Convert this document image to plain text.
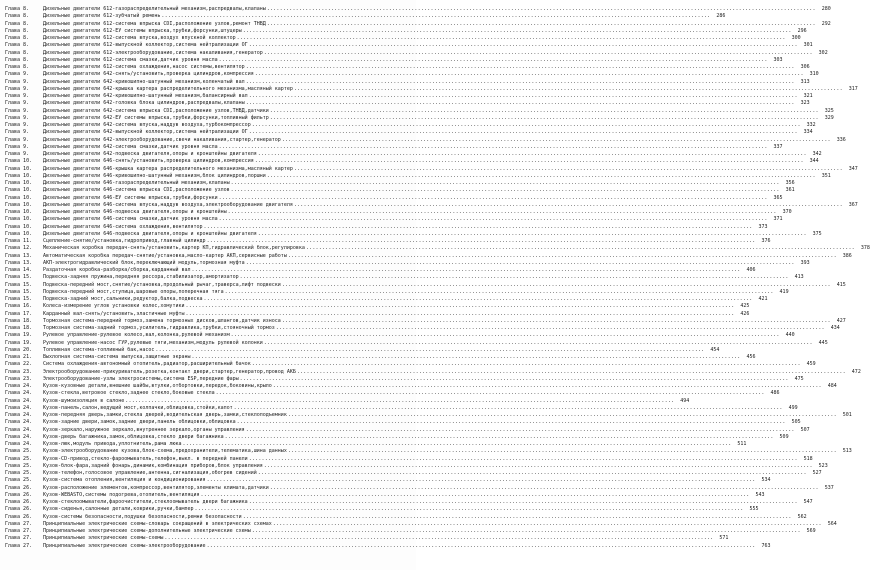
Глава 8.	Дизельные двигатели 612-газораспределительный механизм,распредвалы,клапаны .....	280
Глава 8.	Дизельные двигатели 612-зубчатый ремень .....	286
Глава 8.	Дизельные двигатели 612-система впрыска CDI,расположение узлов,ремонт ТНВД .....	292
Глава 8.	Дизельные двигатели 612-ЕУ системы впрыска,трубки,форсунки,штуцеры .....	296
Глава 8.	Дизельные двигатели 612-система впуска,воздух впускной коллектор .....	300
Глава 8.	Дизельные двигатели 612-выпускной коллектор,система нейтрализации ОГ .....	301
Глава 8.	Дизельные двигатели 612-электрооборудование,система накаливания,генератор .....	302
Глава 8.	Дизельные двигатели 612-система смазки,датчик уровня масла .....	303
Глава 8.	Дизельные двигатели 612-система охлаждения,насос системы,вентилятор .....	306
Глава 9.	Дизельные двигатели 642-снять/установить,проверка цилиндров,компрессия .....	310
Глава 9.	Дизельные двигатели 642-кривошипно-шатунный механизм,коленчатый вал .....	313
Глава 9.	Дизельные двигатели 642-крышка картера распределительного механизма,масляный картер .....	317
Глава 9.	Дизельные двигатели 642-кривошипно-шатунный механизм,балансирный вал .....	321
Глава 9.	Дизельные двигатели 642-головка блока цилиндров,распредвалы,клапаны .....	323
Глава 9.	Дизельные двигатели 642-система впрыска CDI,расположение узлов,ТНВД,датчики .....	325
Глава 9.	Дизельные двигатели 642-ЕУ системы впрыска,трубки,форсунки,топливный фильтр .....	329
Глава 9.	Дизельные двигатели 642-система впуска,наддув воздуха,турбокомпрессор .....	332
Глава 9.	Дизельные двигатели 642-выпускной коллектор,система нейтрализации ОГ .....	334
Глава 9.	Дизельные двигатели 642-электрооборудование,свечи накаливания,стартер,генератор .....	336
Глава 9.	Дизельные двигатели 642-система смазки,датчик уровня масла .....	337
Глава 9.	Дизельные двигатели 642-подвеска двигателя,опоры и кронштейны двигателя .....	342
Глава 10.	Дизельные двигатели 646-снять/установить,проверка цилиндров,компрессия .....	344
Глава 10.	Дизельные двигатели 646-крышка картера распределительного механизма,масляный картер .....	347
Глава 10.	Дизельные двигатели 646-кривошипно-шатунный механизм,блок цилиндров,поршни .....	351
Глава 10.	Дизельные двигатели 646-газораспределительный механизм,клапаны .....	356
Глава 10.	Дизельные двигатели 646-система впрыска CDI,расположение узлов .....	361
Глава 10.	Дизельные двигатели 646-ЕУ системы впрыска,трубки,форсунки .....	365
Глава 10.	Дизельные двигатели 646-система впуска,наддув воздуха,электрооборудование двигателя .....	367
Глава 10.	Дизельные двигатели 646-подвеска двигателя,опоры и кронштейны .....	370
Глава 10.	Дизельные двигатели 646-система смазки,датчик уровня масла .....	371
Глава 10.	Дизельные двигатели 646-система охлаждения,вентилятор .....	373
Глава 10.	Дизельные двигатели 646-подвеска двигателя,опоры и кронштейны двигателя .....	375
Глава 11.	Сцепление-снятие/установка,гидропривод,главный цилиндр .....	376
Глава 12.	Механическая коробка передач-снять/установить,картер КП,гидравлический блок,регулировка .....	378
Глава 13.	Автоматическая коробка передач-снятие/установка,масло-картер АКП,сервисные работы .....	386
Глава 13.	АКП-электрогидравлический блок,переключающий модуль,тормозная муфта .....	393
Глава 14.	Раздаточная коробка-разборка/сборка,карданный вал .....	406
Глава 15.	Подвеска-задняя пружина,передняя рессора,стабилизатор,амортизатор .....	413
Глава 15.	Подвеска-передний мост,снятие/установка,продольный рычаг,траверса,лифт подвески .....	415
Глава 15.	Подвеска-передний мост,ступица,шаровые опоры,поперечная тяга .....	419
Глава 15.	Подвеска-задний мост,сальники,редуктор,балка,подвеска .....	421
Глава 16.	Колеса-измерение углов установки колес,хомутики .....	425
Глава 17.	Карданный вал-снять/установить,эластичные муфты .....	426
Глава 18.	Тормозная система-передний тормоз,замена тормозных дисков,шлангов,датчик износа .....	427
Глава 18.	Тормозная система-задний тормоз,усилитель,гидравлика,трубки,стояночный тормоз .....	434
Глава 19.	Рулевое управление-рулевое колесо,вал,колонка,рулевой механизм .....	440
Глава 19.	Рулевое управление-насос ГУР,рулевые тяги,механизм,модуль рулевой колонки .....	445
Глава 20.	Топливная система-топливный бак,насос .....	454
Глава 21.	Выхлопная система-система выпуска,защитные экраны .....	456
Глава 22.	Система охлаждения-автономный отопитель,радиатор,расширительный бачок .....	459
Глава 23.	Электрооборудование-прикуриватель,розетка,контакт двери,стартер,генератор,провод АКБ .....	472
Глава 23.	Электрооборудование-узлы электросистемы,система ESP,передние фары .....	475
Глава 24.	Кузов-кузовные детали,внешние шайбы,втулки,отбортовки,передок,боковины,крыло .....	484
Глава 24.	Кузов-стекла,ветровое стекло,заднее стекло,боковые стекла .....	486
Глава 24.	Кузов-шумоизоляция в салоне .....	494
Глава 24.	Кузов-панель,салон,ведущий мост,колпачки,облицовка,стойки,капот .....	499
Глава 24.	Кузов-передняя дверь,замки,стекла дверей,водительская дверь,замки,стеклоподъемник .....	501
Глава 24.	Кузов-задние двери,замок,задние двери,панель облицовки,облицовка .....	505
Глава 24.	Кузов-зеркало,наружное зеркало,внутреннее зеркало,органы управления .....	507
Глава 24.	Кузов-дверь багажника,замок,облицовка,стекло двери багажника .....	509
Глава 24.	Кузов-люк,модуль привода,уплотнитель,рама люка .....	511
Глава 25.	Кузов-электрооборудование кузова,блок-схема,предохранители,телематика,шина данных .....	513
Глава 25.	Кузов-CD-привод,стекло-фароомыватель,телефон,выкл. в передней панели .....	518
Глава 25.	Кузов-блок-фара,задний фонарь,динамик,комбинация приборов,блок управления .....	523
Глава 25.	Кузов-телефон,голосовое управление,антенна,сигнализация,обогрев сидений .....	527
Глава 25.	Кузов-система отопления,вентиляция и кондиционирования .....	534
Глава 26.	Кузов-расположение элементов,компрессор,вентилятор,элементы климата,датчики .....	537
Глава 26.	Кузов-WEBASTO,системы подогрева,отопитель,вентиляция .....	543
Глава 26.	Кузов-стеклоомыватели,фароочистители,стеклоомыватель двери багажника .....	547
Глава 26.	Кузов-сиденья,салонные детали,коврики,ручки,бампер .....	555
Глава 26.	Кузов-системы безопасности,подушки безопасности,ремни безопасности .....	562
Глава 27.	Принципиальные электрические схемы-словарь сокращений в электрических схемах .....	564
Глава 27.	Принципиальные электрические схемы-дополнительные электрические схемы .....	569
Глава 27.	Принципиальные электрические схемы-схемы .....	571
Глава 27.	Принципиальные электрические схемы-электрооборудование .....	763
